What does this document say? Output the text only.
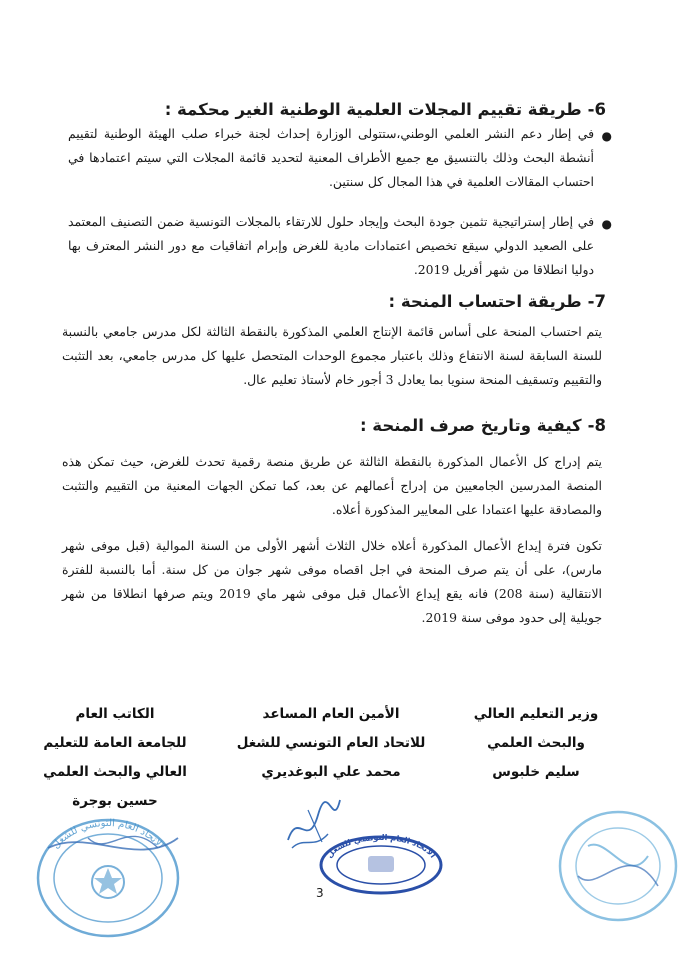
6-طريقة تقييم المجلات العلمية الوطنية الغير محكمة :
●
في إطار دعم النشر العلمي الوطني،ستتولى الوزارة إحداث لجنة خبراء صلب الهيئة الوطنية لتقييم أنشطة البحث وذلك بالتنسيق مع جميع الأطراف المعنية لتحديد قائمة المجلات التي سيتم اعتمادها في احتساب المقالات العلمية في هذا المجال كل سنتين.
●
في إطار إستراتيجية تثمين جودة البحث وإيجاد حلول للارتقاء بالمجلات التونسية ضمن التصنيف المعتمد على الصعيد الدولي سيقع تخصيص اعتمادات مادية للغرض وإبرام اتفاقيات مع دور النشر المعترف بها دوليا انطلاقا من شهر أفريل 2019.
7-طريقة احتساب المنحة :
يتم احتساب المنحة على أساس قائمة الإنتاج العلمي المذكورة بالنقطة الثالثة لكل مدرس جامعي بالنسبة للسنة السابقة لسنة الانتفاع وذلك باعتبار مجموع الوحدات المتحصل عليها كل مدرس جامعي، بعد التثبت والتقييم وتسقيف المنحة سنويا بما يعادل 3 أجور خام لأستاذ تعليم عال.
8-كيفية وتاريخ صرف المنحة :
يتم إدراج كل الأعمال المذكورة بالنقطة الثالثة عن طريق منصة رقمية تحدث للغرض، حيث تمكن هذه المنصة المدرسين الجامعيين من إدراج أعمالهم عن بعد، كما تمكن الجهات المعنية من التقييم والتثبت والمصادقة عليها اعتمادا على المعايير المذكورة أعلاه.
تكون فترة إيداع الأعمال المذكورة أعلاه خلال الثلاث أشهر الأولى من السنة الموالية (قبل موفى شهر مارس)، على أن يتم صرف المنحة في اجل اقصاه موفى شهر جوان من كل سنة. أما بالنسبة للفترة الانتقالية (سنة 208) فانه يقع إيداع الأعمال قبل موفى شهر ماي 2019 ويتم صرفها انطلاقا من شهر جويلية إلى حدود موفى سنة 2019.
وزير التعليم العالي
والبحث العلمي
سليم خلبوس
الأمين العام المساعد
للاتحاد العام التونسي للشغل
محمد علي البوغديري
الكاتب العام
للجامعة العامة للتعليم
العالي والبحث العلمي
حسين بوجرة
الاتحاد العام التونسي للشغل
الاتحاد العام التونسي للشغل
3
